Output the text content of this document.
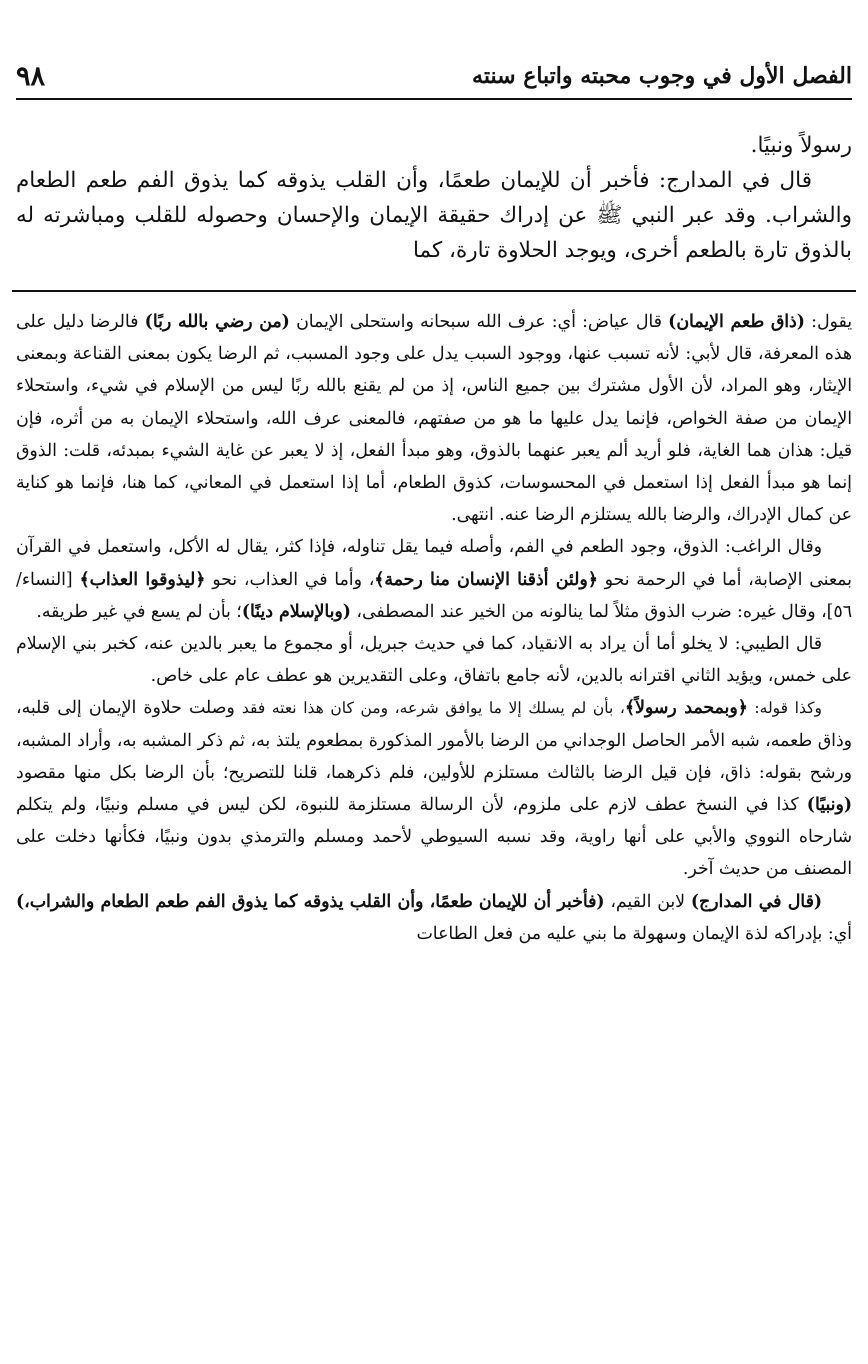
الفصل الأول في وجوب محبته واتباع سنته
٩٨

رسولاً ونبيًا.

قال في المدارج: فأخبر أن للإيمان طعمًا، وأن القلب يذوقه كما يذوق الفم طعم الطعام والشراب. وقد عبر النبي ﷺ عن إدراك حقيقة الإيمان والإحسان وحصوله للقلب ومباشرته له بالذوق تارة بالطعم أخرى، ويوجد الحلاوة تارة، كما

يقول: (ذاق طعم الإيمان) قال عياض: أي: عرف الله سبحانه واستحلى الإيمان (من رضي بالله ربًا) فالرضا دليل على هذه المعرفة، قال لأبي: لأنه تسبب عنها، ووجود السبب يدل على وجود المسبب، ثم الرضا يكون بمعنى القناعة وبمعنى الإيثار، وهو المراد، لأن الأول مشترك بين جميع الناس، إذ من لم يقنع بالله ربًا ليس من الإسلام في شيء، واستحلاء الإيمان من صفة الخواص، فإنما يدل عليها ما هو من صفتهم، فالمعنى عرف الله، واستحلاء الإيمان به من أثره، فإن قيل: هذان هما الغاية، فلو أريد ألم يعبر عنهما بالذوق، وهو مبدأ الفعل، إذ لا يعبر عن غاية الشيء بمبدئه، قلت: الذوق إنما هو مبدأ الفعل إذا استعمل في المحسوسات، كذوق الطعام، أما إذا استعمل في المعاني، كما هنا، فإنما هو كناية عن كمال الإدراك، والرضا بالله يستلزم الرضا عنه. انتهى.

وقال الراغب: الذوق، وجود الطعم في الفم، وأصله فيما يقل تناوله، فإذا كثر، يقال له الأكل، واستعمل في القرآن بمعنى الإصابة، أما في الرحمة نحو ﴿ولئن أذقنا الإنسان منا رحمة﴾، وأما في العذاب، نحو ﴿ليذوقوا العذاب﴾ [النساء/ ٥٦]، وقال غيره: ضرب الذوق مثلاً لما ينالونه من الخير عند المصطفى، (وبالإسلام دينًا)؛ بأن لم يسع في غير طريقه.

قال الطيبي: لا يخلو أما أن يراد به الانقياد، كما في حديث جبريل، أو مجموع ما يعبر بالدين عنه، كخبر بني الإسلام على خمس، ويؤيد الثاني اقترانه بالدين، لأنه جامع باتفاق، وعلى التقديرين هو عطف عام على خاص.

وكذا قوله: ﴿وبمحمد رسولاً﴾، بأن لم يسلك إلا ما يوافق شرعه، ومن كان هذا نعته فقد وصلت حلاوة الإيمان إلى قلبه، وذاق طعمه، شبه الأمر الحاصل الوجداني من الرضا بالأمور المذكورة بمطعوم يلتذ به، ثم ذكر المشبه به، وأراد المشبه، ورشح بقوله: ذاق، فإن قيل الرضا بالثالث مستلزم للأولين، فلم ذكرهما، قلنا للتصريح؛ بأن الرضا بكل منها مقصود (ونبيًا) كذا في النسخ عطف لازم على ملزوم، لأن الرسالة مستلزمة للنبوة، لكن ليس في مسلم ونبيًا، ولم يتكلم شارحاه النووي والأبي على أنها راوية، وقد نسبه السيوطي لأحمد ومسلم والترمذي بدون ونبيًا، فكأنها دخلت على المصنف من حديث آخر.

(قال في المدارج) لابن القيم، (فأخبر أن للإيمان طعمًا، وأن القلب يذوقه كما يذوق الفم طعم الطعام والشراب،) أي: بإدراكه لذة الإيمان وسهولة ما بني عليه من فعل الطاعات
